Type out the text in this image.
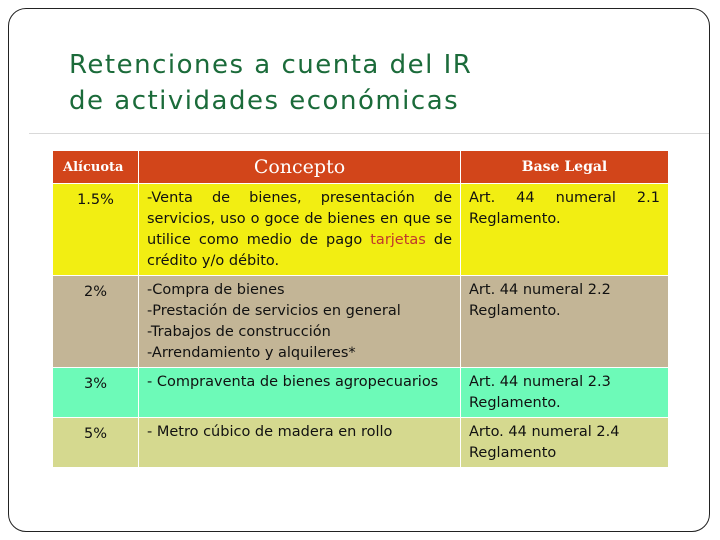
Retenciones a cuenta del IR
de actividades económicas
Alícuota	Concepto	Base Legal
1.5%	-Venta de bienes, presentación de servicios, uso o goce de bienes en que se utilice como medio de pago tarjetas de crédito y/o débito.	Art. 44 numeral 2.1 Reglamento.
2%	-Compra de bienes
-Prestación de servicios en general
-Trabajos de construcción
-Arrendamiento y alquileres*	Art. 44 numeral 2.2 Reglamento.
3%	- Compraventa de bienes agropecuarios	Art. 44 numeral 2.3 Reglamento.
5%	- Metro cúbico de madera en rollo	Arto. 44 numeral 2.4 Reglamento
